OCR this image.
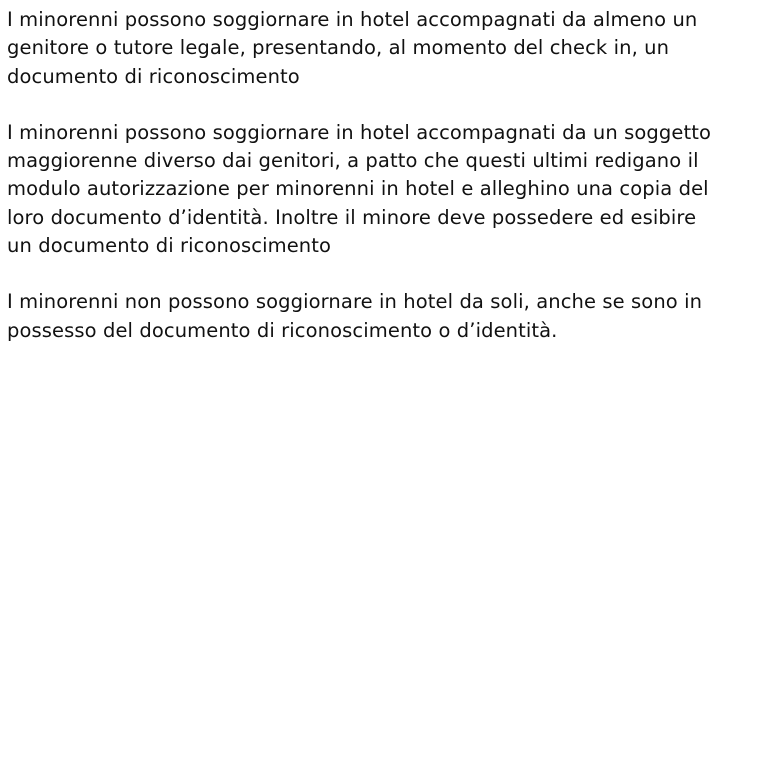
I minorenni possono soggiornare in hotel accompagnati da almeno un
genitore o tutore legale, presentando, al momento del check in, un
documento di riconoscimento

I minorenni possono soggiornare in hotel accompagnati da un soggetto
maggiorenne diverso dai genitori, a patto che questi ultimi redigano il
modulo autorizzazione per minorenni in hotel e alleghino una copia del
loro documento d’identità. Inoltre il minore deve possedere ed esibire
un documento di riconoscimento

I minorenni non possono soggiornare in hotel da soli, anche se sono in
possesso del documento di riconoscimento o d’identità.
